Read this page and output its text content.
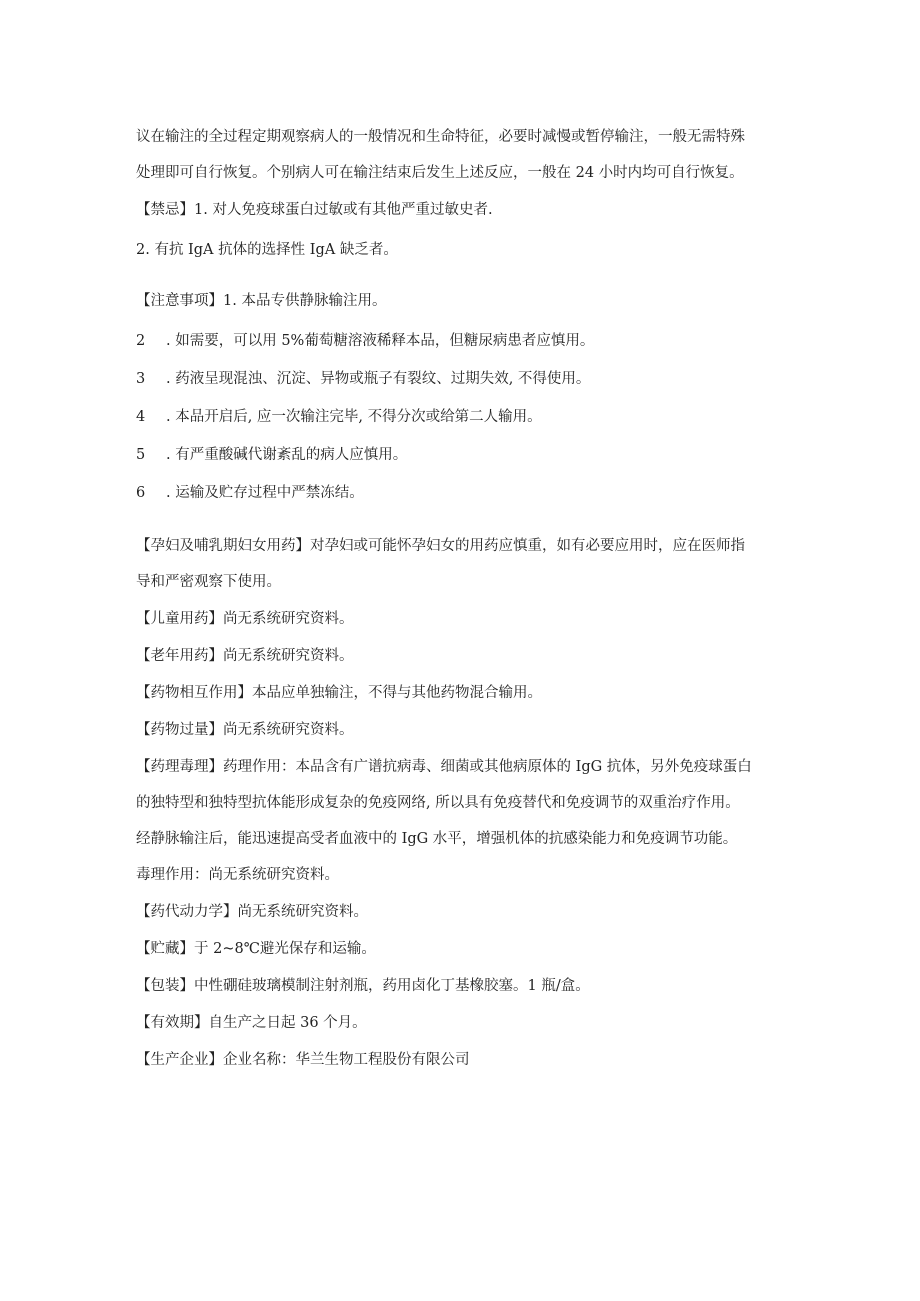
议在输注的全过程定期观察病人的一般情况和生命特征，必要时减慢或暂停输注，一般无需特殊
处理即可自行恢复。个别病人可在输注结束后发生上述反应，一般在 24 小时内均可自行恢复。
【禁忌】1. 对人免疫球蛋白过敏或有其他严重过敏史者.
2. 有抗 IgA 抗体的选择性 IgA 缺乏者。
【注意事项】1. 本品专供静脉输注用。
2 . 如需要，可以用 5%葡萄糖溶液稀释本品，但糖尿病患者应慎用。
3 . 药液呈现混浊、沉淀、异物或瓶子有裂纹、过期失效, 不得使用。
4 . 本品开启后, 应一次输注完毕, 不得分次或给第二人输用。
5 . 有严重酸碱代谢紊乱的病人应慎用。
6 . 运输及贮存过程中严禁冻结。
【孕妇及哺乳期妇女用药】对孕妇或可能怀孕妇女的用药应慎重，如有必要应用时，应在医师指
导和严密观察下使用。
【儿童用药】尚无系统研究资料。
【老年用药】尚无系统研究资料。
【药物相互作用】本品应单独输注，不得与其他药物混合输用。
【药物过量】尚无系统研究资料。
【药理毒理】药理作用：本品含有广谱抗病毒、细菌或其他病原体的 IgG 抗体，另外免疫球蛋白
的独特型和独特型抗体能形成复杂的免疫网络, 所以具有免疫替代和免疫调节的双重治疗作用。
经静脉输注后，能迅速提高受者血液中的 IgG 水平，增强机体的抗感染能力和免疫调节功能。
毒理作用：尚无系统研究资料。
【药代动力学】尚无系统研究资料。
【贮藏】于 2~8℃避光保存和运输。
【包装】中性硼硅玻璃模制注射剂瓶，药用卤化丁基橡胶塞。1 瓶/盒。
【有效期】自生产之日起 36 个月。
【生产企业】企业名称：华兰生物工程股份有限公司
